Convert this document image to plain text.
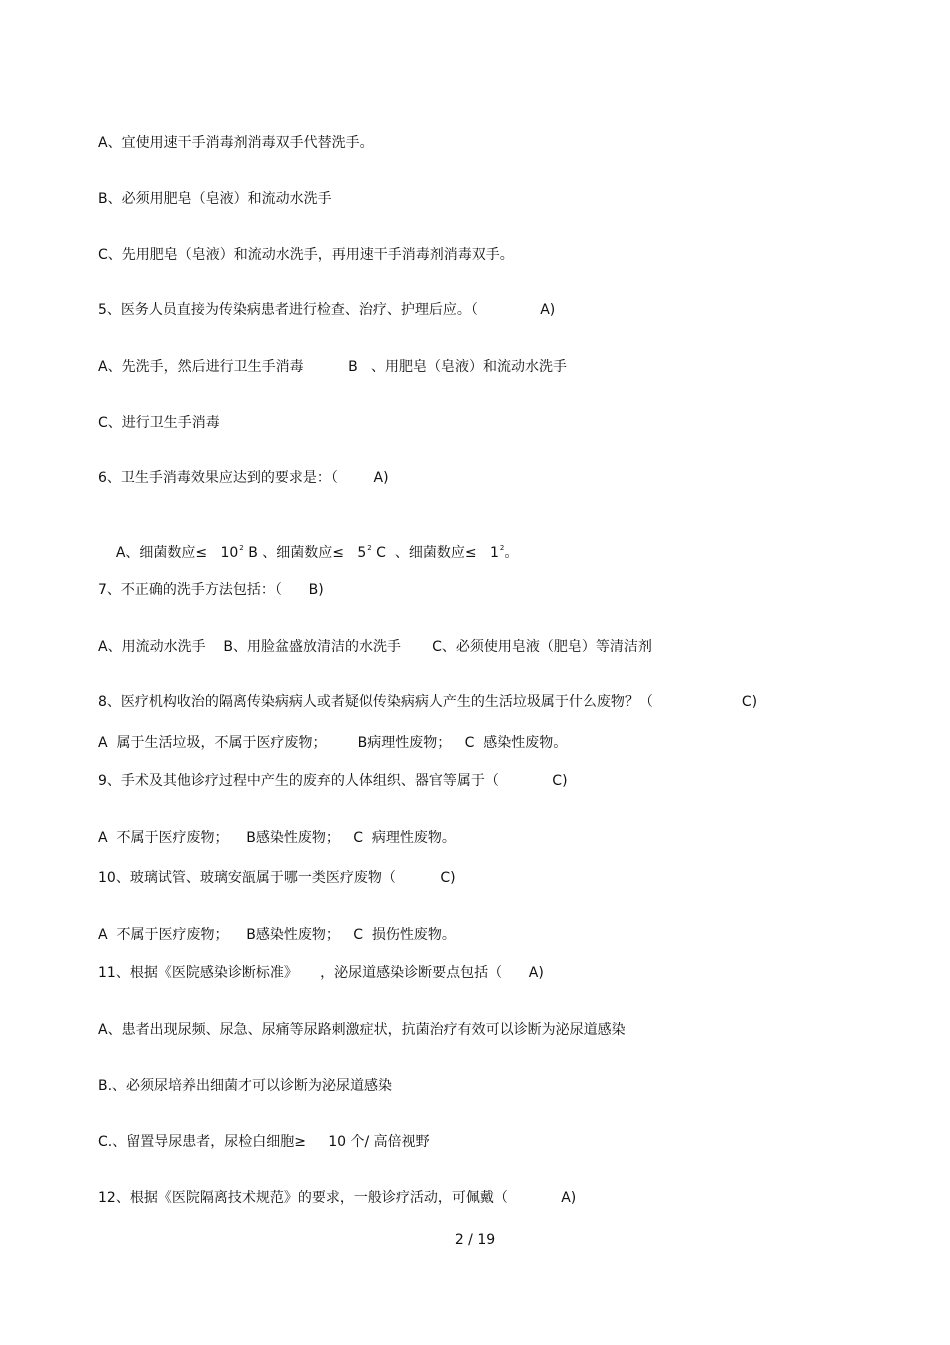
A、宜使用速干手消毒剂消毒双手代替洗手。
B、必须用肥皂（皂液）和流动水洗手
C、先用肥皂（皂液）和流动水洗手，再用速干手消毒剂消毒双手。
5、医务人员直接为传染病患者进行检查、治疗、护理后应。（              A)
A、先洗手，然后进行卫生手消毒          B   、用肥皂（皂液）和流动水洗手
C、进行卫生手消毒
6、卫生手消毒效果应达到的要求是：（        A)

A、细菌数应≤   $10^2$ B 、细菌数应≤   $5^2$ C  、细菌数应≤   $1^2$。

7、不正确的洗手方法包括：（      B)
A、用流动水洗手    B、用脸盆盛放清洁的水洗手       C、必须使用皂液（肥皂）等清洁剂
8、医疗机构收治的隔离传染病病人或者疑似传染病病人产生的生活垃圾属于什么废物？（                    C)
A  属于生活垃圾，不属于医疗废物；       B病理性废物；   C  感染性废物。
9、手术及其他诊疗过程中产生的废弃的人体组织、器官等属于（            C)
A  不属于医疗废物；    B感染性废物；   C  病理性废物。
10、玻璃试管、玻璃安瓿属于哪一类医疗废物（          C)
A  不属于医疗废物；    B感染性废物；   C  损伤性废物。
11、根据《医院感染诊断标准》     ，泌尿道感染诊断要点包括（      A)
A、患者出现尿频、尿急、尿痛等尿路刺激症状，抗菌治疗有效可以诊断为泌尿道感染
B.、必须尿培养出细菌才可以诊断为泌尿道感染
C.、留置导尿患者，尿检白细胞≥     10 个/ 高倍视野
12、根据《医院隔离技术规范》的要求，一般诊疗活动，可佩戴（            A)
2 / 19
